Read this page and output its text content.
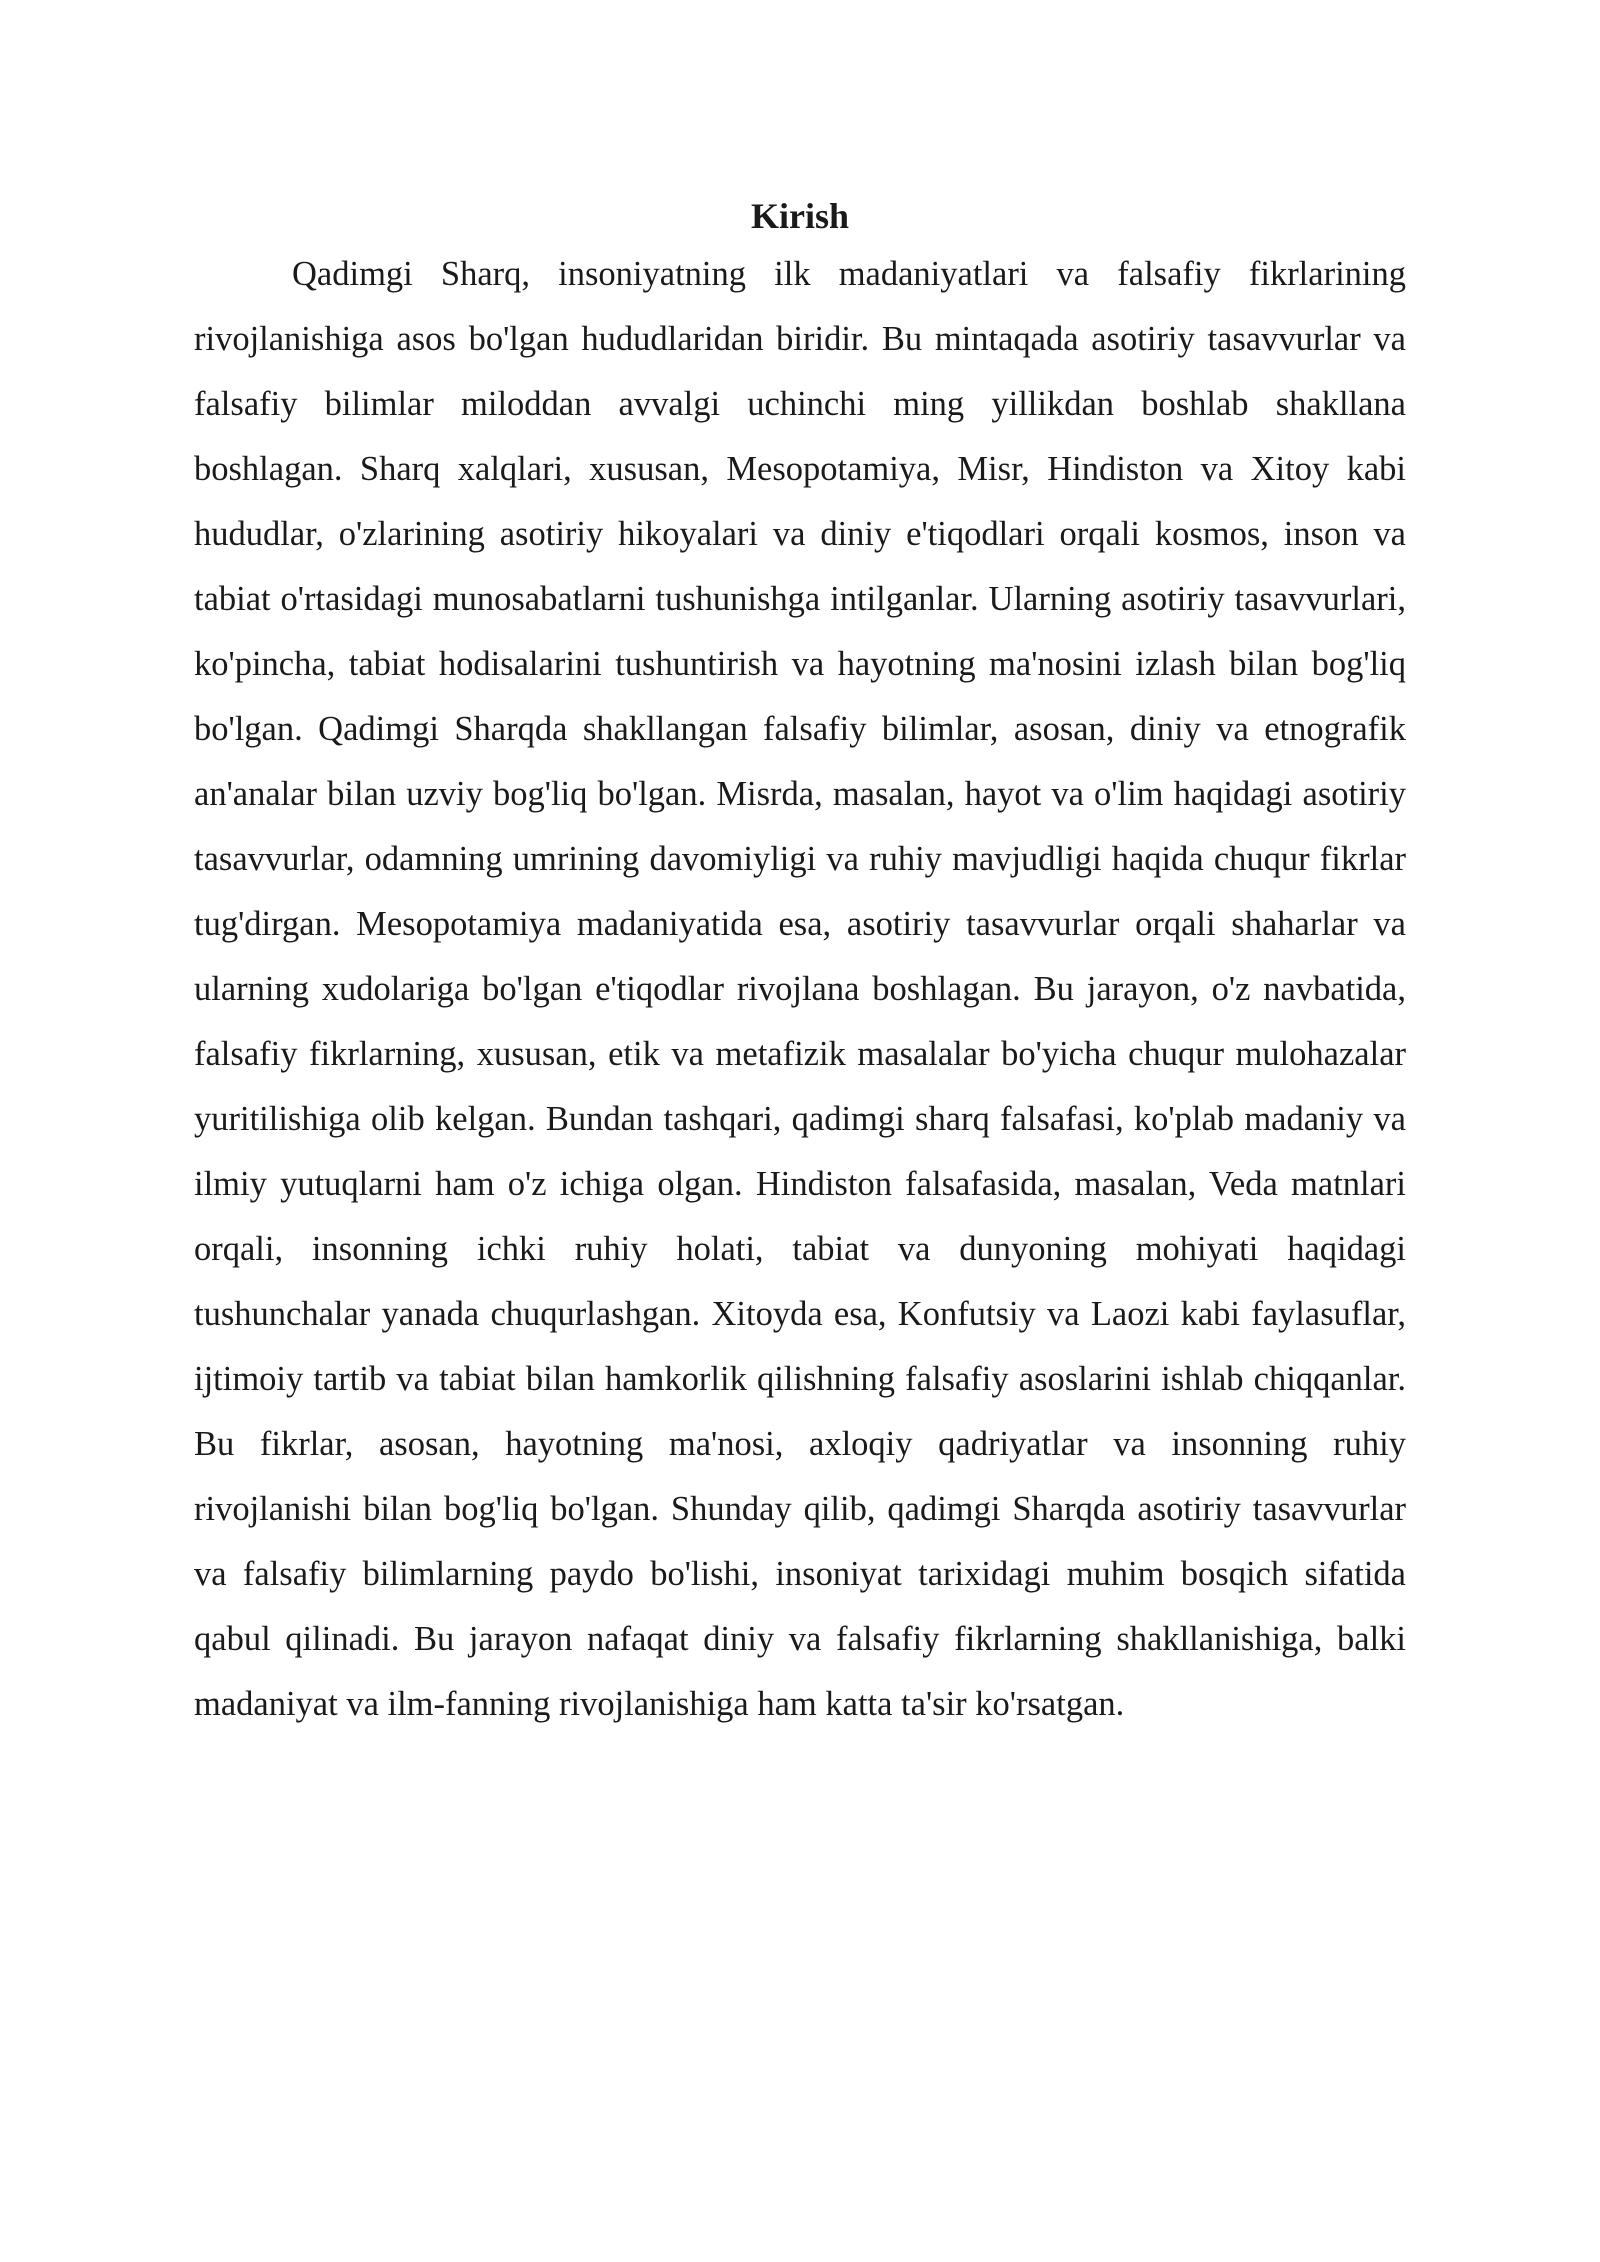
Kirish

Qadimgi Sharq, insoniyatning ilk madaniyatlari va falsafiy fikrlarining rivojlanishiga asos bo'lgan hududlaridan biridir. Bu mintaqada asotiriy tasavvurlar va falsafiy bilimlar miloddan avvalgi uchinchi ming yillikdan boshlab shakllana boshlagan. Sharq xalqlari, xususan, Mesopotamiya, Misr, Hindiston va Xitoy kabi hududlar, o'zlarining asotiriy hikoyalari va diniy e'tiqodlari orqali kosmos, inson va tabiat o'rtasidagi munosabatlarni tushunishga intilganlar. Ularning asotiriy tasavvurlari, ko'pincha, tabiat hodisalarini tushuntirish va hayotning ma'nosini izlash bilan bog'liq bo'lgan. Qadimgi Sharqda shakllangan falsafiy bilimlar, asosan, diniy va etnografik an'analar bilan uzviy bog'liq bo'lgan. Misrda, masalan, hayot va o'lim haqidagi asotiriy tasavvurlar, odamning umrining davomiyligi va ruhiy mavjudligi haqida chuqur fikrlar tug'dirgan. Mesopotamiya madaniyatida esa, asotiriy tasavvurlar orqali shaharlar va ularning xudolariga bo'lgan e'tiqodlar rivojlana boshlagan. Bu jarayon, o'z navbatida, falsafiy fikrlarning, xususan, etik va metafizik masalalar bo'yicha chuqur mulohazalar yuritilishiga olib kelgan. Bundan tashqari, qadimgi sharq falsafasi, ko'plab madaniy va ilmiy yutuqlarni ham o'z ichiga olgan. Hindiston falsafasida, masalan, Veda matnlari orqali, insonning ichki ruhiy holati, tabiat va dunyoning mohiyati haqidagi tushunchalar yanada chuqurlashgan. Xitoyda esa, Konfutsiy va Laozi kabi faylasuflar, ijtimoiy tartib va tabiat bilan hamkorlik qilishning falsafiy asoslarini ishlab chiqqanlar. Bu fikrlar, asosan, hayotning ma'nosi, axloqiy qadriyatlar va insonning ruhiy rivojlanishi bilan bog'liq bo'lgan. Shunday qilib, qadimgi Sharqda asotiriy tasavvurlar va falsafiy bilimlarning paydo bo'lishi, insoniyat tarixidagi muhim bosqich sifatida qabul qilinadi. Bu jarayon nafaqat diniy va falsafiy fikrlarning shakllanishiga, balki madaniyat va ilm-fanning rivojlanishiga ham katta ta'sir ko'rsatgan.
